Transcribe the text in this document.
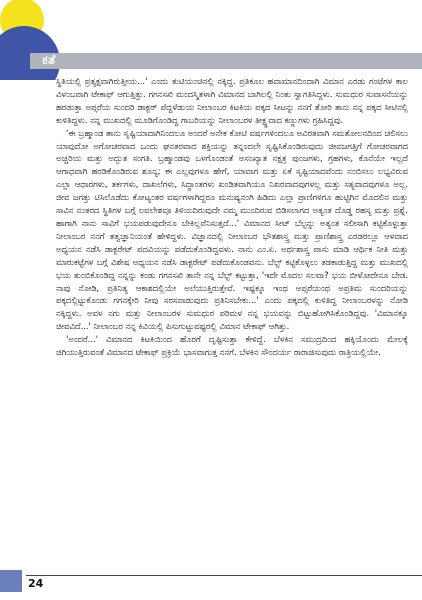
ಕತೆ

ಸ್ಥಿತಿಯಲ್ಲಿ ಪ್ರತ್ಯಕ್ಷವಾಗಿರುತ್ತೀಯ...' ಎಂದು ತುಟಿಯಂಚಿನಲ್ಲಿ ನಕ್ಕಿದ್ದ. ಪ್ರತಿಕೂಲ ಹವಾಮಾನದಿಂದಾಗಿ ವಿಮಾನ ಎರಡು ಗಂಟೆಗಳ ಕಾಲ ವಿಳಂಬವಾಗಿ ಟೇಕಾಫ್ ಆಗುತ್ತಿತ್ತು. ಗಗನಸಖಿ ಮಂದಸ್ಮಿತಳಾಗಿ ವಿಮಾನದ ಬಾಗಿಲಲ್ಲಿ ನಿಂತು ಸ್ವಾಗತಿಸಿದ್ದಳು. ಸುಮಧುರ ಸುವಾಸನೆಯನ್ನು ಹರಡುತ್ತಾ ಅಪ್ಸರೆಯ ಸುಂದರಿ ಡಾಕ್ಟರ್ ಪೆದ್ದಳೆಡುಯ ನೀಲಾಂಬರ ಕಿಟಕಿಯ ಪಕ್ಕದ ಸೀಟನ್ನು ನನಗೆ ತೋರಿ ತಾನು ನನ್ನ ಪಕ್ಕದ ಸೀಟಿನಲ್ಲಿ ಕುಳಿತಿದ್ದಳು. ನನ್ನ ಮುಖದಲ್ಲಿ ಮೂಡಿಗೊಂಡಿದ್ದ ಗಾಬರಿಯನ್ನು ನೀಲಾಂಬರಳ ತೀಕ್ಷ್ಣವಾದ ಕಣ್ಣುಗಳು ಗ್ರಹಿಸಿದ್ದವು.

'ಈ ಬ್ರಹ್ಮಾಂಡ ತಾನು ಸೃಷ್ಟಿಯಾದಾಗಿನಿಂದಲೂ ಅಂದರೆ ಅನೇಕ ಕೋಟಿ ವರ್ಷಗಳಿಂದಲೂ ಅವಿರತವಾಗಿ ಸಮತೋಲನದಿಂದ ಚಲಿಸಲು ಯಾವುದೋ ಅಗೋಚರವಾದ ಒಂದು ಘನತರವಾದ ಶಕ್ತಿಯನ್ನು ತನ್ನಂದಲೇ ಸೃಷ್ಟಿಸಿಕೊಂಡಿರುವುದು ಜೀವಜಗತ್ತಿಗೆ ಗೋಚರವಾಗದ ಅಚ್ಚರಿಯ ಮತ್ತು ಅದ್ಭುತ ಸಂಗತಿ. ಬ್ರಹ್ಮಾಂಡವು ಒಳಗೊಂಡಂತೆ ಅಸಂಖ್ಯಾತ ನಕ್ಷತ್ರ ಪುಂಜಗಳು, ಗ್ರಹಗಳು, ಕೊನೆಯೇ ಇಲ್ಲದೆ ಆಗಾಧವಾಗಿ ಹರಡಿಕೊಂಡಿರುವ ಶೂನ್ಯ; ಈ ಎಲ್ಲವುಗಳೂ ಹೇಗೆ, ಯಾವಾಗ ಮತ್ತು ಏಕೆ ಸೃಷ್ಟಿಯಾದವೆಂದು ನಂಬಿಸಲು ಲಭ್ಯವಿರುವ ಎಲ್ಲಾ ಆಧಾರಗಳು, ತರ್ಕಗಳು, ದಾಖಲೆಗಳು, ಸಿದ್ಧಾಂತಗಳು ಖಂಡಿತವಾಗಿಯೂ ನಿಖರವಾದವುಗಳಲ್ಲ ಮತ್ತು ಸತ್ಯವಾದವುಗಳೂ ಅಲ್ಲ. ಜೀವ ಜಗತ್ತು ಟಿಸಿಲೊಡೆದು ಕೋಟ್ಯಂತರ ವರ್ಷಗಳಾಗಿದ್ದರೂ ಮನುಷ್ಯನಂಗಿ ಹಿಡಿದು ಎಲ್ಲಾ ಪ್ರಾಣಿಗಳಿಗೂ ಹುಟ್ಟಿಗಿನ ಮೊದಲಿನ ಮತ್ತು ಸಾವಿನ ನಂತರದ ಸ್ಥಿತಿಗಳ ಬಗ್ಗೆ ಲವಲೇಶವೂ ತಿಳಿಯದಿರುವುದೇ ನಮ್ಮ ಮುಂದಿರುವ ಬಿಡಿಸಲಾಗದ ಅತ್ಯಂತ ದೊಡ್ಡ ರಹಸ್ಯ ಮತ್ತು ಪ್ರಶ್ನೆ. ಹಾಗಾಗಿ ನಾನು ಸಾವಿಗೆ ಭಯಪಡುವುದೇನೂ ಬೇಕಿಲ್ಲವೆನಿಸುತ್ತದೆ...' ವಿಮಾನದ ಸೀಟ್ ಬೆಲ್ಟನ್ನು ಅತ್ಯಂತ ಸಲೀಸಾಗಿ ಕಟ್ಟಿಕೊಳ್ಳುತ್ತಾ ನೀಲಾಂಬರ ನನಗೆ ತತ್ವಜ್ಞಾನಿಯಂತೆ ಹೇಳಿದ್ದಳು. ವಿಜ್ಞಾನದಲ್ಲಿ ನೀಲಾಂಬರ ಭೌತಶಾಸ್ತ್ರ ಮತ್ತು ಪ್ರಾಣಿಶಾಸ್ತ್ರ ಎರಡರಲ್ಲೂ ಆಳವಾದ ಅಧ್ಯಯನ ನಡೆಸಿ ಡಾಕ್ಟರೇಟ್ ಪದವಿಯನ್ನು ಪಡೆದುಕೊಂಡಿದ್ದವಳು. ನಾನು ಎಂ.ಏ. ಅರ್ಥಶಾಸ್ತ್ರ ಪಾಸು ಮಾಡಿ ಆರ್ಥಿಕ ನೀತಿ ಮತ್ತು ಮಾರುಕಟ್ಟೆಗಳ ಬಗ್ಗೆ ವಿಶೇಷ ಅಧ್ಯಯನ ನಡೆಸಿ ಡಾಕ್ಟರೇಟ್ ಪಡೆದುಕೊಂಡವನು. ಬೆಲ್ಟ್ ಕಟ್ಟಿಕೊಳ್ಳಲು ತಡಕಾಡುತ್ತಿದ್ದ ಮತ್ತು ಮುಖದಲ್ಲಿ ಭಯ ತುಂಬಿಕೊಂಡಿದ್ದ ನನ್ನನ್ನು ಕಂಡು ಗಗನಸಖಿ ತಾನೇ ನನ್ನ ಬೆಲ್ಟ್ ಕಟ್ಟುತ್ತಾ, 'ಇದೇ ಮೊದಲ ಸಲವಾ? ಭಯ ಬೀಳೋದೇನೂ ಬೇಡ. ನಾವು ನೋಡಿ, ಪ್ರತಿನಿತ್ಯ ಆಕಾಶದಲ್ಲಿಯೇ ಅಲೆಯುತ್ತಿರುತ್ತೇವೆ. ಇಷ್ಟಕ್ಕೂ ಇಂಥ ಅಪ್ಸರೆಯಂಥ ಅಪ್ರತಿಮ ಸುಂದರಿಯನ್ನು ಪಕ್ಕದಲ್ಲಿಟ್ಟುಕೊಂಡು ಗಗನಕ್ಕೇರಿ ನೀವು ಸರಸವಾಡುವುದು ಪ್ರತಿನಿಸಬೇಕು...' ಎಂದು ಪಕ್ಕದಲ್ಲಿ ಕುಳಿತಿದ್ದ ನೀಲಾಂಬರಳನ್ನು ನೋಡಿ ನಕ್ಕಿದ್ದಳು. ಅವಳ ನಗು ಮತ್ತು ನೀಲಾಂಬರಳ ಸುಮಧುರ ಪರಿಮಳ ನನ್ನ ಭಯವನ್ನು ಬಿಟ್ಟುಹೋಗಿಸಿಕೊಂಡಿದ್ದವು. 'ವಿಮಾನಕ್ಕೂ ಜೀವವಿದೆ...' ನೀಲಾಂಬರ ನನ್ನ ಕಿವಿಯಲ್ಲಿ ಪಿಸುಗುಟ್ಟುವಷ್ಟರಲ್ಲಿ ವಿಮಾನ ಟೇಕಾಫ್ ಆಗಿತ್ತು.

'ಅಂದರೆ...' ವಿಮಾನದ ಕಿಟಕಿಯಿಂದ ಹೊರಗೆ ದೃಷ್ಟಿಸುತ್ತಾ ಕೇಳಿದ್ದೆ. ಬೆಳಕಿನ ಸಮುದ್ರದಿಂದ ಹಕ್ಕಿಯೊಂದು ಮೇಲಕ್ಕೆ ಜಿಗಿಯುತ್ತಿರುವಂತೆ ವಿಮಾನದ ಟೇಕಾಫ್ ಪ್ರಕ್ರಿಯೆ ಭಾಸವಾಗುತ್ತ ನನಗೆ. ಬೆಳಕಿನ ಸೌಂದರ್ಯ ರಾರಾಜಿಸುವುದು ರಾತ್ರಿಯಲ್ಲಿಯೇ.

24
